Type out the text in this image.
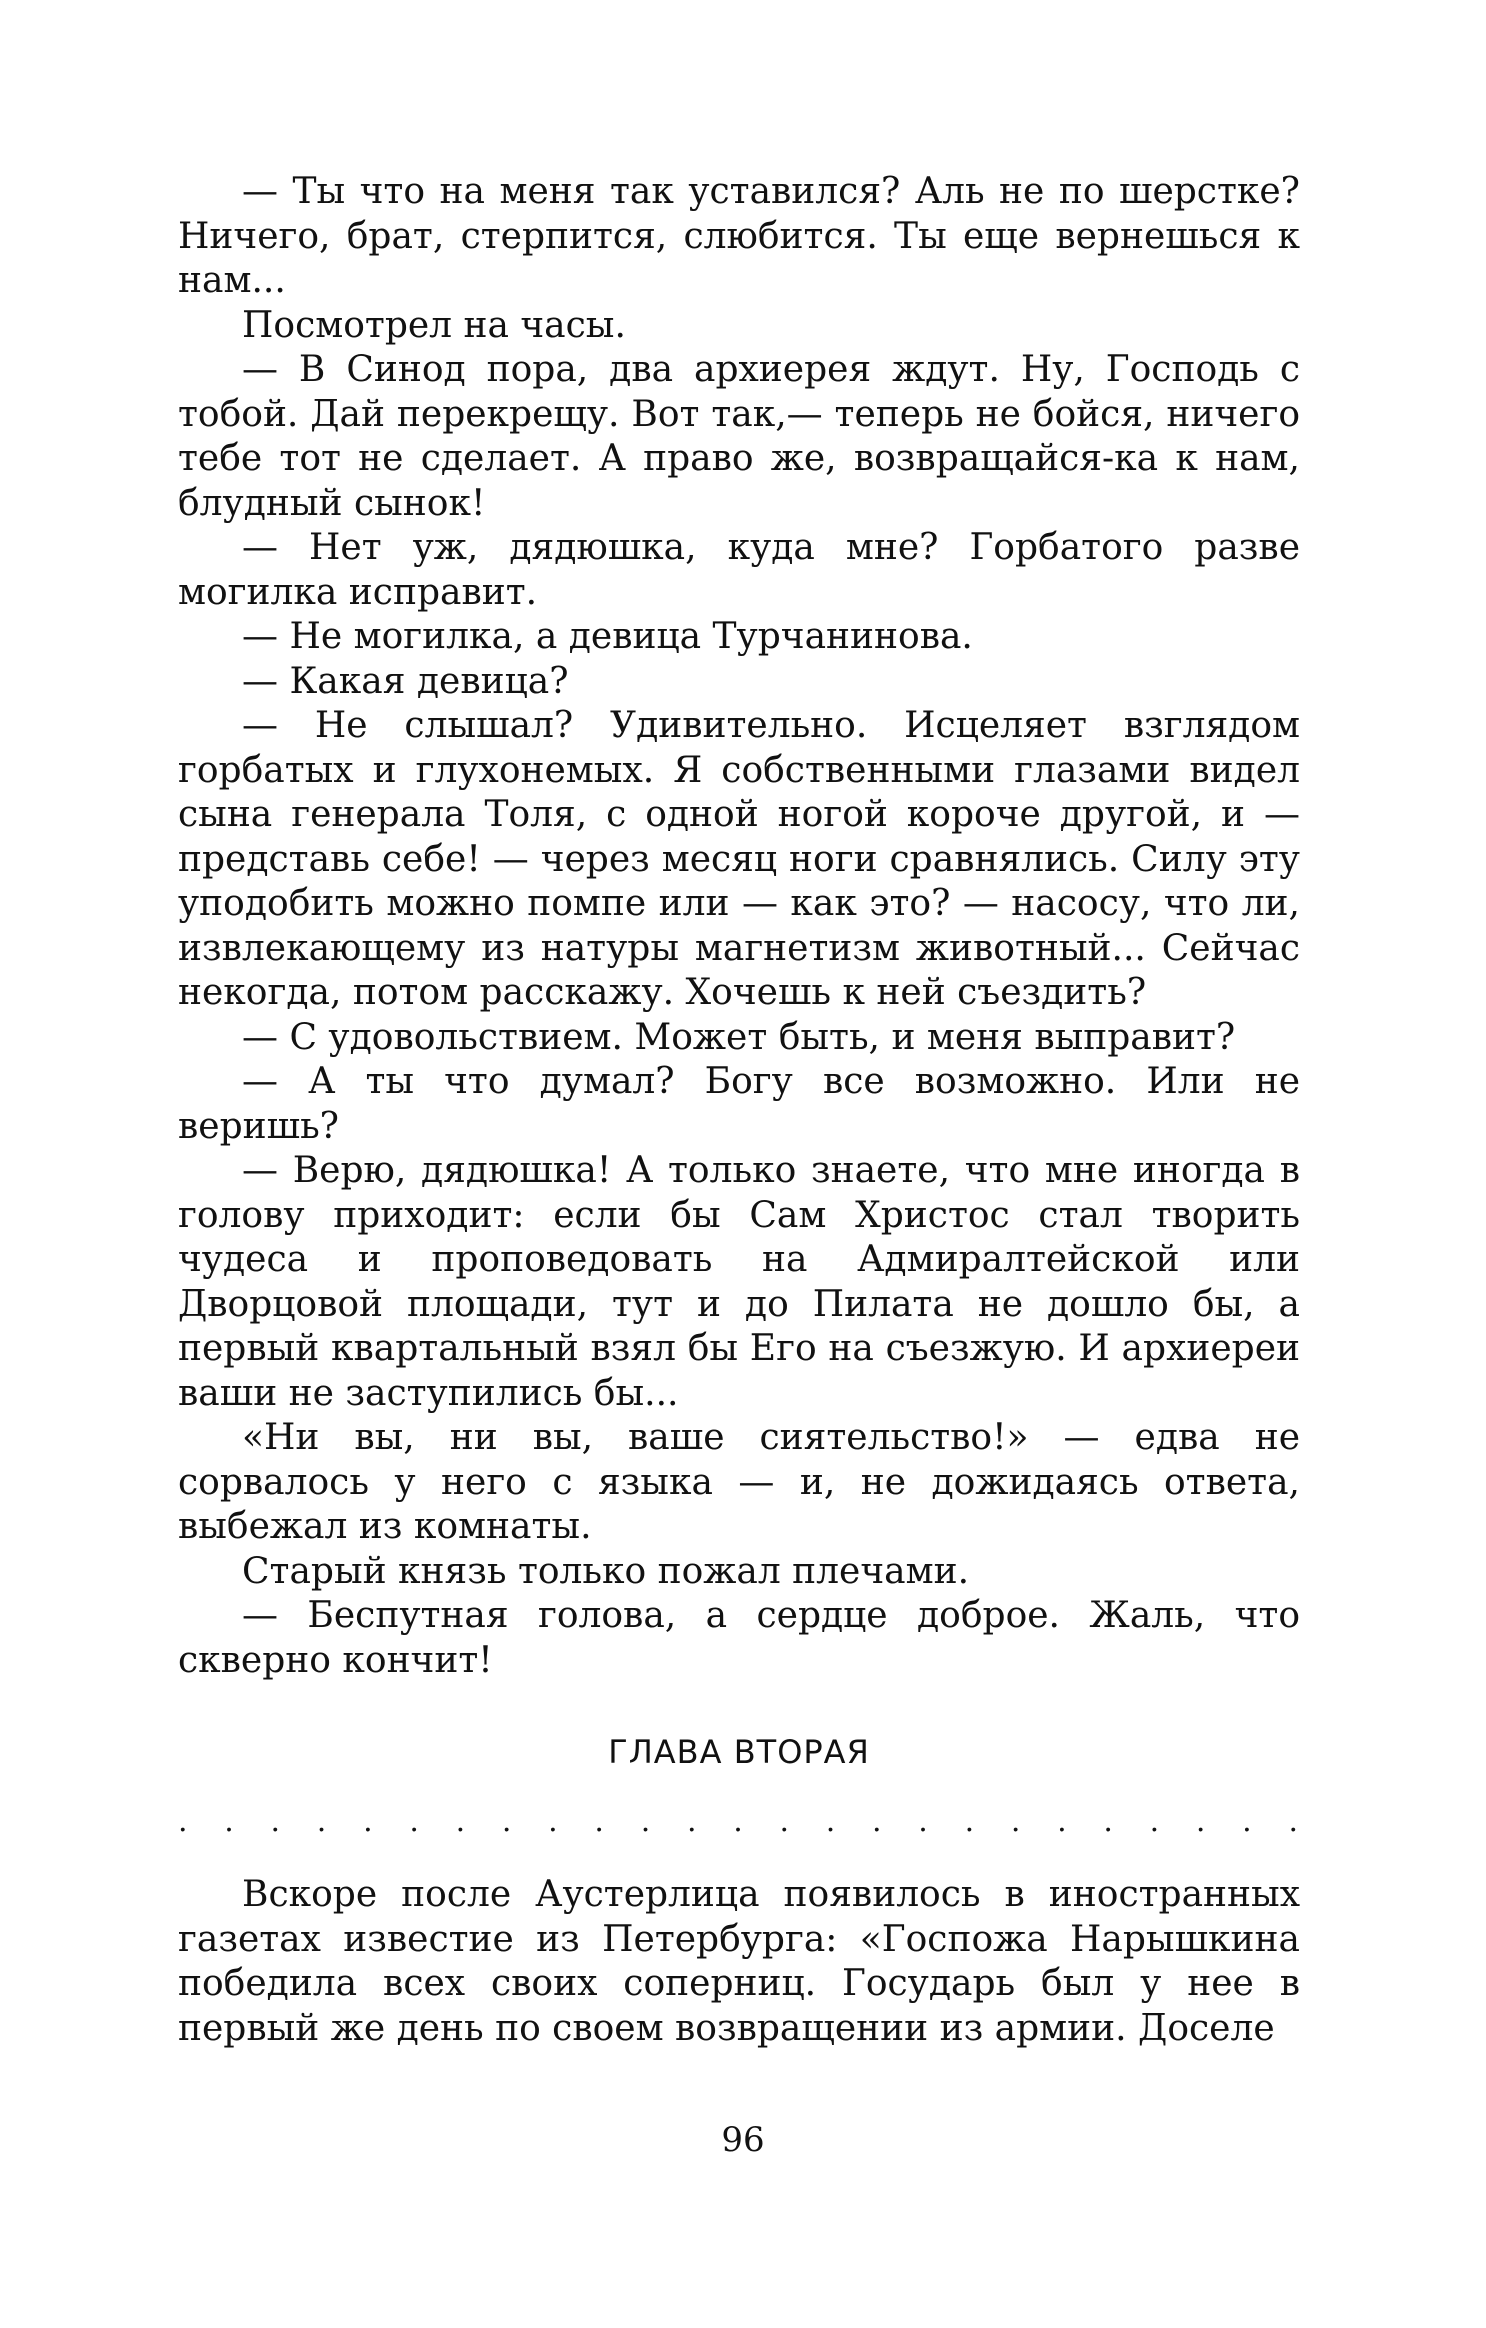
— Ты что на меня так уставился? Аль не по шерстке? Ничего, брат, стерпится, слюбится. Ты еще вернешься к нам...

Посмотрел на часы.

— В Синод пора, два архиерея ждут. Ну, Господь с тобой. Дай перекрещу. Вот так,— теперь не бойся, ничего тебе тот не сделает. А право же, возвращайся-ка к нам, блудный сынок!

— Нет уж, дядюшка, куда мне? Горбатого разве могилка исправит.

— Не могилка, а девица Турчанинова.

— Какая девица?

— Не слышал? Удивительно. Исцеляет взглядом горбатых и глухонемых. Я собственными глазами видел сына генерала Толя, с одной ногой короче другой, и — представь себе! — через месяц ноги сравнялись. Силу эту уподобить можно помпе или — как это? — насосу, что ли, извлекающему из натуры магнетизм животный... Сейчас некогда, потом расскажу. Хочешь к ней съездить?

— С удовольствием. Может быть, и меня выправит?

— А ты что думал? Богу все возможно. Или не веришь?

— Верю, дядюшка! А только знаете, что мне иногда в голову приходит: если бы Сам Христос стал творить чудеса и проповедовать на Адмиралтейской или Дворцовой площади, тут и до Пилата не дошло бы, а первый квартальный взял бы Его на съезжую. И архиереи ваши не заступились бы...

«Ни вы, ни вы, ваше сиятельство!» — едва не сорвалось у него с языка — и, не дожидаясь ответа, выбежал из комнаты.

Старый князь только пожал плечами.

— Беспутная голова, а сердце доброе. Жаль, что скверно кончит!

ГЛАВА ВТОРАЯ
. . . . . . . . . . . . . . . . . . . . . . . . .

Вскоре после Аустерлица появилось в иностранных газетах известие из Петербурга: «Госпожа Нарышкина победила всех своих соперниц. Государь был у нее в первый же день по своем возвращении из армии. Доселе

96
